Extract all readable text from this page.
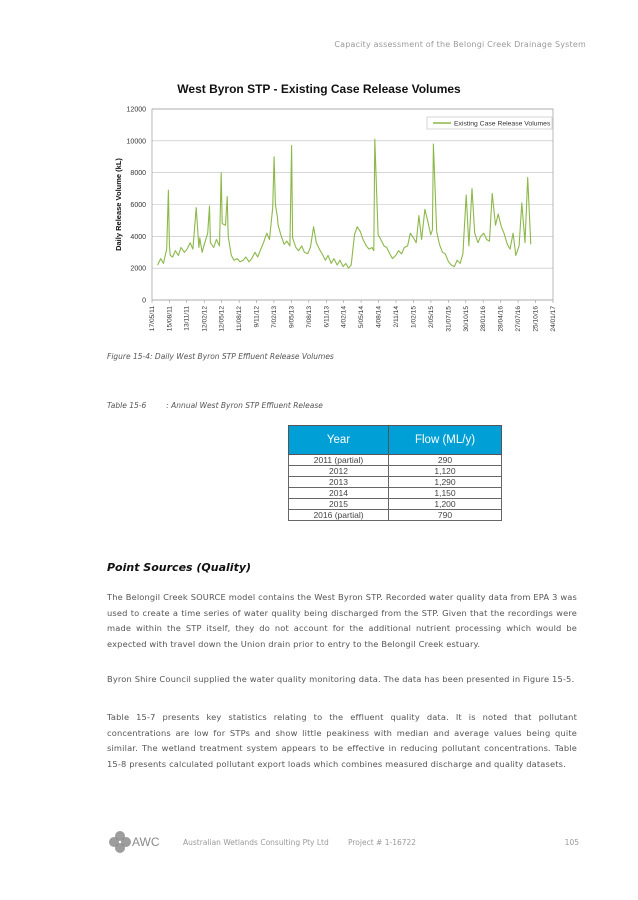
Capacity assessment of the Belongi Creek Drainage System
West Byron STP - Existing Case Release Volumes
0
2000
4000
6000
8000
10000
12000
17/05/11 15/08/11 13/11/11 12/02/12 12/05/12 11/08/12 9/11/12 7/02/13 9/05/13 7/08/13 6/11/13 4/02/14 5/05/14 4/08/14 2/11/14 1/02/15 2/05/15 31/07/15 30/10/15 28/01/16 28/04/16 27/07/16 25/10/16 24/01/17
Daily Release Volume (kL)
Existing Case Release Volumes
Figure 15-4: Daily West Byron STP Effluent Release Volumes
Table 15-6	: Annual West Byron STP Effluent Release
Year	Flow (ML/y)
2011 (partial)	290
2012	1,120
2013	1,290
2014	1,150
2015	1,200
2016 (partial)	790
Point Sources (Quality)

The Belongil Creek SOURCE model contains the West Byron STP. Recorded water quality data from EPA 3 was used to create a time series of water quality being discharged from the STP. Given that the recordings were made within the STP itself, they do not account for the additional nutrient processing which would be expected with travel down the Union drain prior to entry to the Belongil Creek estuary.

Byron Shire Council supplied the water quality monitoring data. The data has been presented in Figure 15-5.

Table 15-7 presents key statistics relating to the effluent quality data. It is noted that pollutant concentrations are low for STPs and show little peakiness with median and average values being quite similar. The wetland treatment system appears to be effective in reducing pollutant concentrations. Table 15-8 presents calculated pollutant export loads which combines measured discharge and quality datasets.

AWC	Australian Wetlands Consulting Pty Ltd	Project # 1-16722	105
